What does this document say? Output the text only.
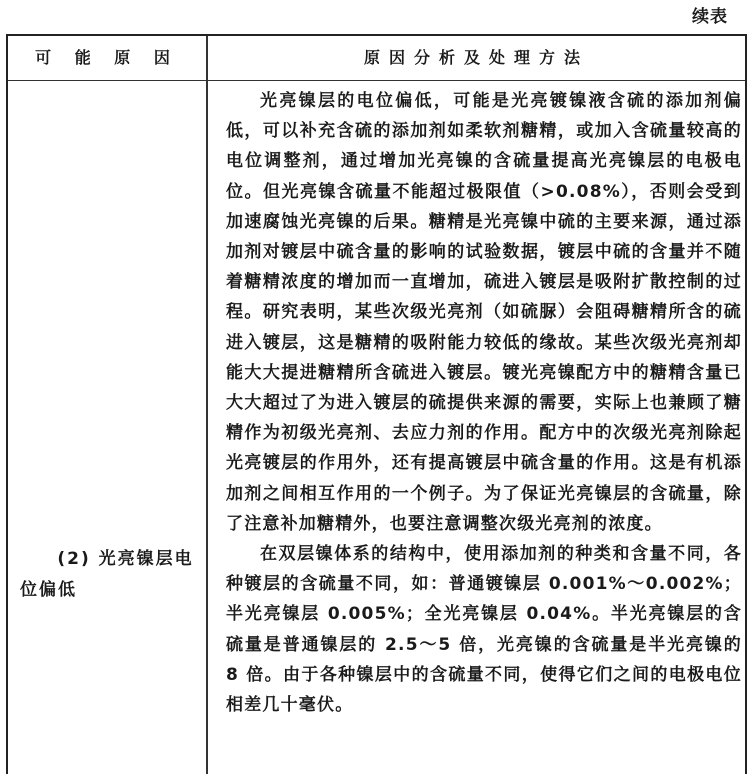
续表
可 能 原 因	原因分析及处理方法
(2) 光亮镍层电位偏低

光亮镍层的电位偏低，可能是光亮镀镍液含硫的添加剂偏低，可以补充含硫的添加剂如柔软剂糖精，或加入含硫量较高的电位调整剂，通过增加光亮镍的含硫量提高光亮镍层的电极电位。但光亮镍含硫量不能超过极限值（>0.08%），否则会受到加速腐蚀光亮镍的后果。糖精是光亮镍中硫的主要来源，通过添加剂对镀层中硫含量的影响的试验数据，镀层中硫的含量并不随着糖精浓度的增加而一直增加，硫进入镀层是吸附扩散控制的过程。研究表明，某些次级光亮剂（如硫脲）会阻碍糖精所含的硫进入镀层，这是糖精的吸附能力较低的缘故。某些次级光亮剂却能大大提进糖精所含硫进入镀层。镀光亮镍配方中的糖精含量已大大超过了为进入镀层的硫提供来源的需要，实际上也兼顾了糖精作为初级光亮剂、去应力剂的作用。配方中的次级光亮剂除起光亮镀层的作用外，还有提高镀层中硫含量的作用。这是有机添加剂之间相互作用的一个例子。为了保证光亮镍层的含硫量，除了注意补加糖精外，也要注意调整次级光亮剂的浓度。

在双层镍体系的结构中，使用添加剂的种类和含量不同，各种镀层的含硫量不同，如：普通镀镍层 0.001%～0.002%；半光亮镍层 0.005%；全光亮镍层 0.04%。半光亮镍层的含硫量是普通镍层的 2.5～5 倍，光亮镍的含硫量是半光亮镍的 8 倍。由于各种镍层中的含硫量不同，使得它们之间的电极电位相差几十毫伏。
